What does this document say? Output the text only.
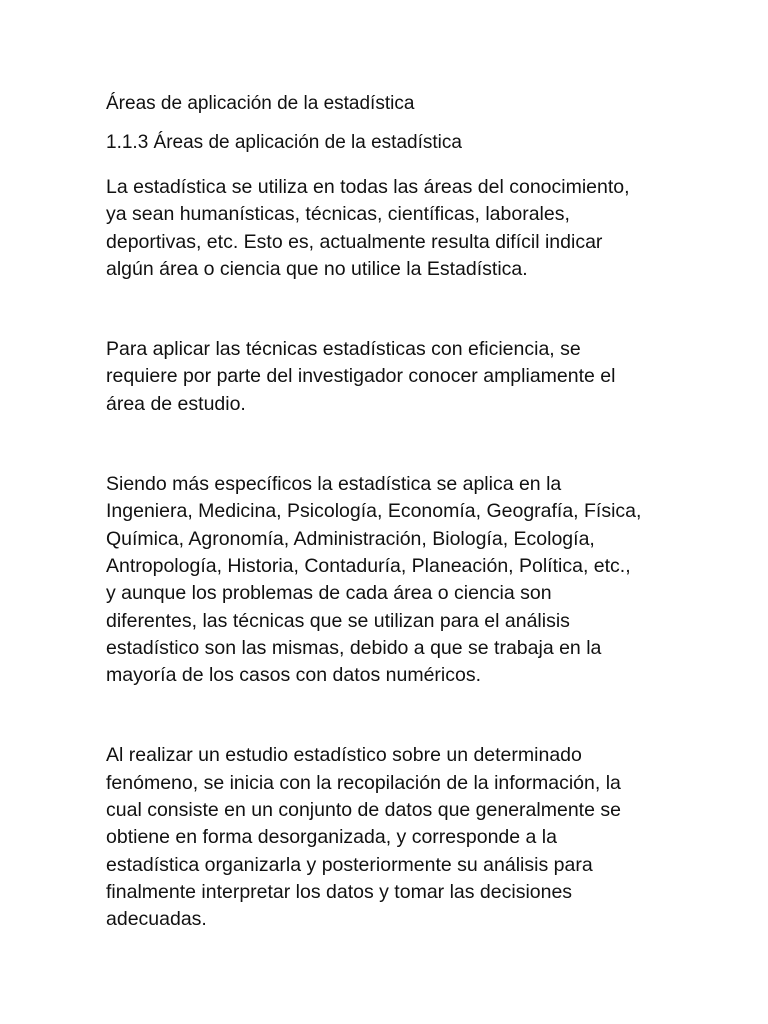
Áreas de aplicación de la estadística
1.1.3 Áreas de aplicación de la estadística

La estadística se utiliza en todas las áreas del conocimiento,
ya sean humanísticas, técnicas, científicas, laborales,
deportivas, etc. Esto es, actualmente resulta difícil indicar
algún área o ciencia que no utilice la Estadística.

Para aplicar las técnicas estadísticas con eficiencia, se
requiere por parte del investigador conocer ampliamente el
área de estudio.

Siendo más específicos la estadística se aplica en la
Ingeniera, Medicina, Psicología, Economía, Geografía, Física,
Química, Agronomía, Administración, Biología, Ecología,
Antropología, Historia, Contaduría, Planeación, Política, etc.,
y aunque los problemas de cada área o ciencia son
diferentes, las técnicas que se utilizan para el análisis
estadístico son las mismas, debido a que se trabaja en la
mayoría de los casos con datos numéricos.

Al realizar un estudio estadístico sobre un determinado
fenómeno, se inicia con la recopilación de la información, la
cual consiste en un conjunto de datos que generalmente se
obtiene en forma desorganizada, y corresponde a la
estadística organizarla y posteriormente su análisis para
finalmente interpretar los datos y tomar las decisiones
adecuadas.
